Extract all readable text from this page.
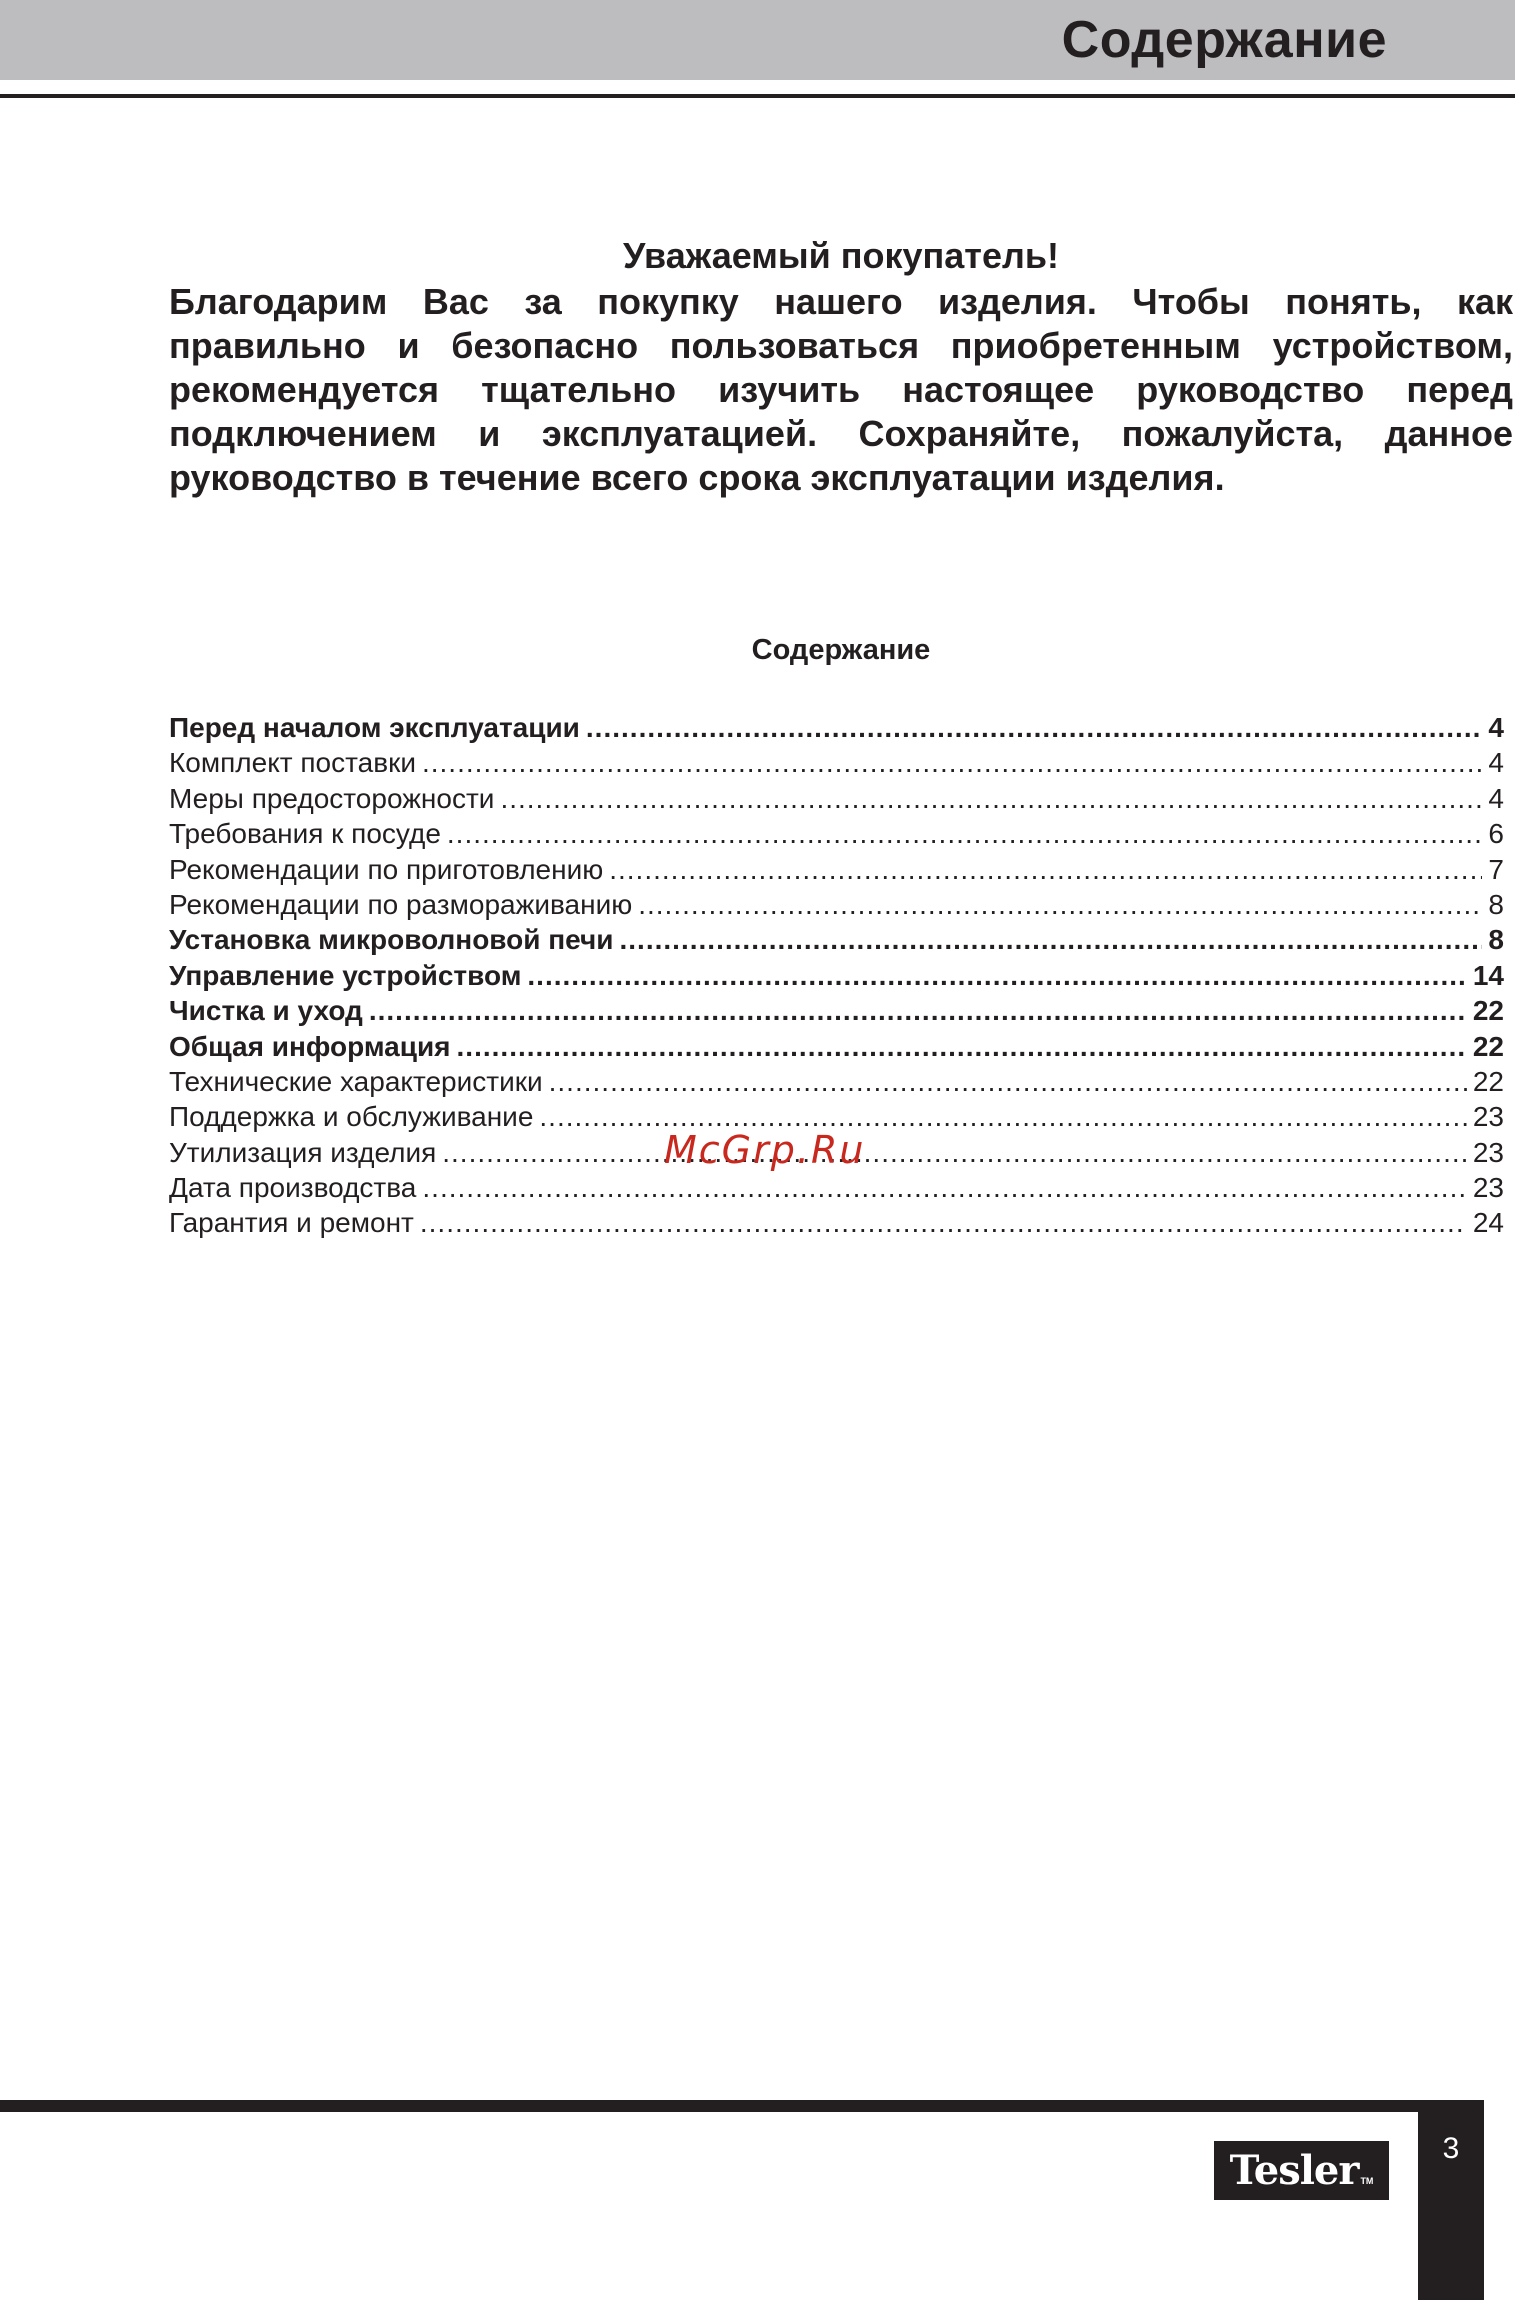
Содержание
Уважаемый покупатель!

Благодарим Вас за покупку нашего изделия. Чтобы понять, как правильно и безопасно пользоваться приобретенным устройством, рекомендуется тщательно изучить настоящее руководство перед подключением и эксплуатацией. Сохраняйте, пожалуйста, данное руководство в течение всего срока эксплуатации изделия.

Содержание
Перед началом эксплуатации .....	4
Комплект поставки .....	4
Меры предосторожности .....	4
Требования к посуде .....	6
Рекомендации по приготовлению .....	7
Рекомендации по размораживанию .....	8
Установка микроволновой печи .....	8
Управление устройством .....	14
Чистка и уход .....	22
Общая информация .....	22
Технические характеристики .....	22
Поддержка и обслуживание .....	23
Утилизация изделия .....	23
Дата производства .....	23
Гарантия и ремонт .....	24
McGrp.Ru
3
Tesler TM
